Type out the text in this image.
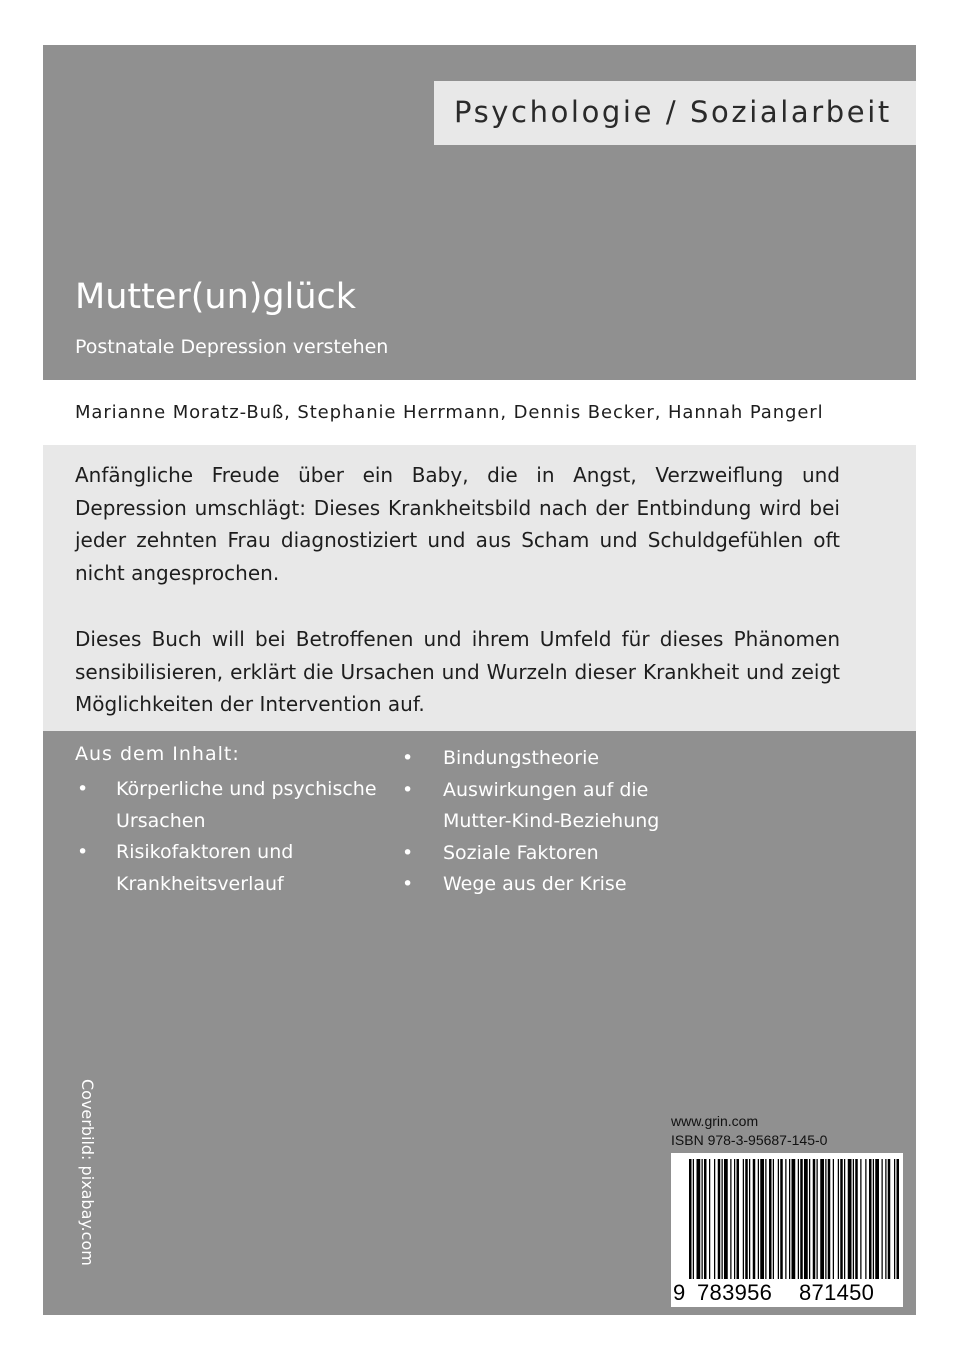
Psychologie / Sozialarbeit
Mutter(un)glück
Postnatale Depression verstehen
Marianne Moratz-Buß, Stephanie Herrmann, Dennis Becker, Hannah Pangerl

Anfängliche Freude über ein Baby, die in Angst, Verzweiflung und Depression umschlägt: Dieses Krankheitsbild nach der Entbindung wird bei jeder zehnten Frau diagnostiziert und aus Scham und Schuldgefühlen oft nicht angesprochen.

Dieses Buch will bei Betroffenen und ihrem Umfeld für dieses Phänomen sensibilisieren, erklärt die Ursachen und Wurzeln dieser Krankheit und zeigt Möglichkeiten der Intervention auf.

Aus dem Inhalt:
• Körperliche und psychische Ursachen
• Risikofaktoren und Krankheitsverlauf
• Bindungstheorie
• Auswirkungen auf die Mutter-Kind-Beziehung
• Soziale Faktoren
• Wege aus der Krise
Coverbild: pixabay.com	www.grin.com
ISBN 978-3-95687-145-0
9 783956 871450
